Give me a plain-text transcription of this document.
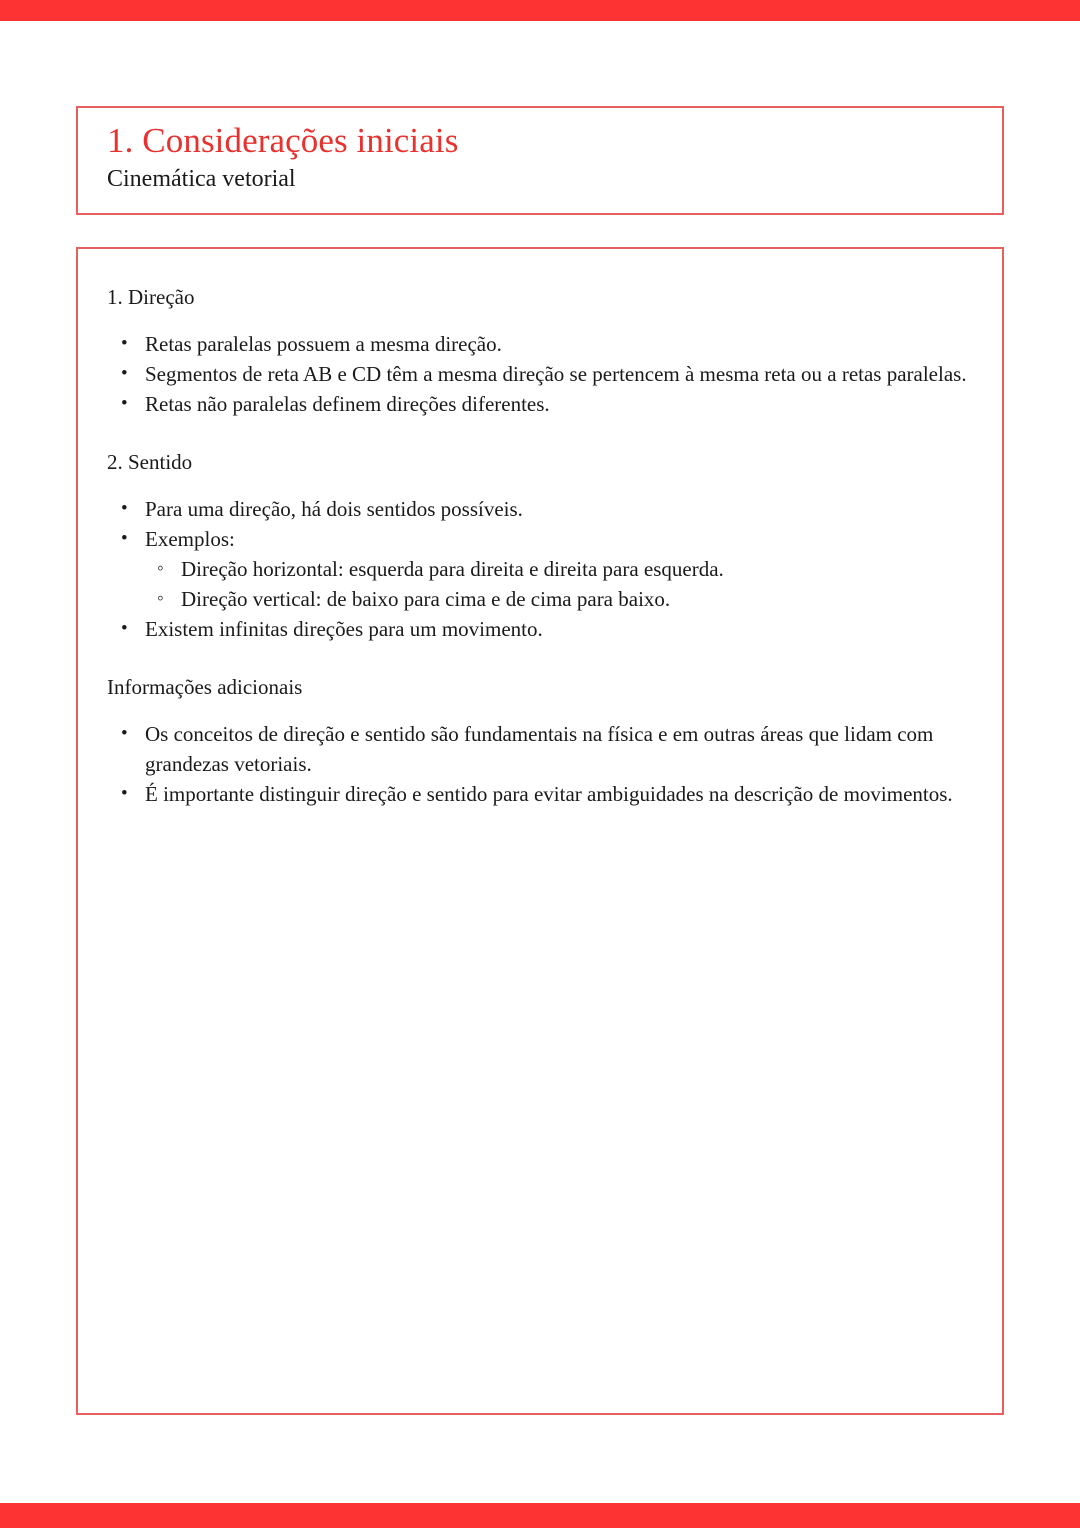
1. Considerações iniciais
Cinemática vetorial
1. Direção
• Retas paralelas possuem a mesma direção.
• Segmentos de reta AB e CD têm a mesma direção se pertencem à mesma reta ou a retas paralelas.
• Retas não paralelas definem direções diferentes.
2. Sentido
• Para uma direção, há dois sentidos possíveis.
• Exemplos:
◦ Direção horizontal: esquerda para direita e direita para esquerda.
◦ Direção vertical: de baixo para cima e de cima para baixo.
• Existem infinitas direções para um movimento.
Informações adicionais
• Os conceitos de direção e sentido são fundamentais na física e em outras áreas que lidam com grandezas vetoriais.
• É importante distinguir direção e sentido para evitar ambiguidades na descrição de movimentos.
